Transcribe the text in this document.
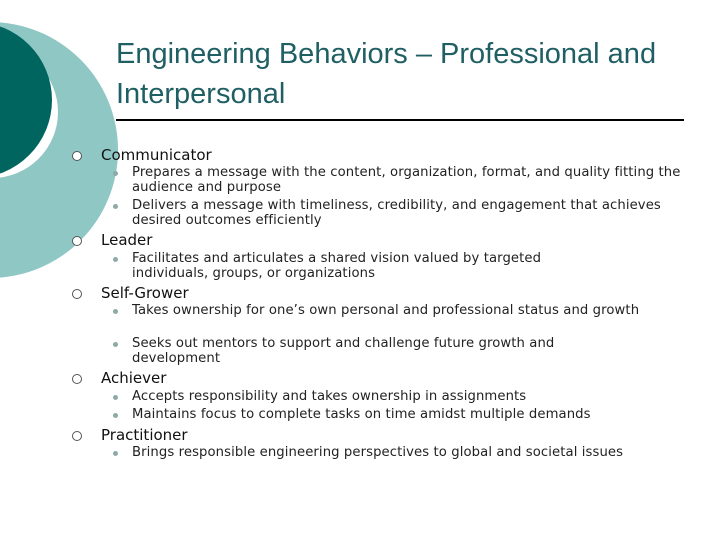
Engineering Behaviors – Professional and Interpersonal
Communicator
Prepares a message with the content, organization, format, and quality fitting the audience and purpose
Delivers a message with timeliness, credibility, and engagement that achieves desired outcomes efficiently
Leader
Facilitates and articulates a shared vision valued by targeted individuals, groups, or organizations
Self-Grower
Takes ownership for one’s own personal and professional status and growth
Seeks out mentors to support and challenge future growth and development
Achiever
Accepts responsibility and takes ownership in assignments
Maintains focus to complete tasks on time amidst multiple demands
Practitioner
Brings responsible engineering perspectives to global and societal issues
